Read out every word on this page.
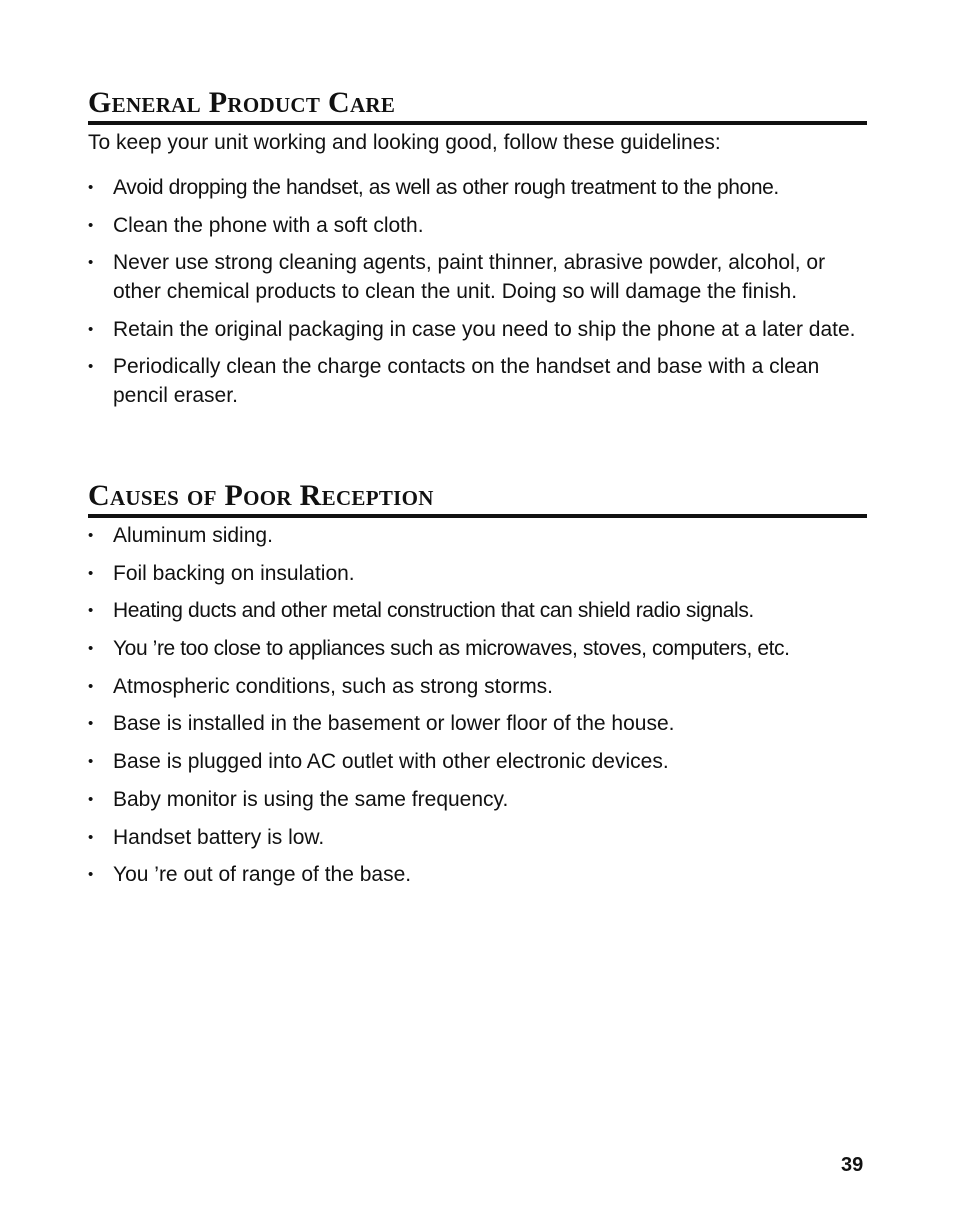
General Product Care

To keep your unit working and looking good, follow these guidelines:

• Avoid dropping the handset, as well as other rough treatment to the phone.
• Clean the phone with a soft cloth.
• Never use strong cleaning agents, paint thinner, abrasive powder, alcohol, or other chemical products to clean the unit. Doing so will damage the finish.
• Retain the original packaging in case you need to ship the phone at a later date.
• Periodically clean the charge contacts on the handset and base with a clean pencil eraser.
Causes of Poor Reception
• Aluminum siding.
• Foil backing on insulation.
• Heating ducts and other metal construction that can shield radio signals.
• You ’re too close to appliances such as microwaves, stoves, computers, etc.
• Atmospheric conditions, such as strong storms.
• Base is installed in the basement or lower floor of the house.
• Base is plugged into AC outlet with other electronic devices.
• Baby monitor is using the same frequency.
• Handset battery is low.
• You ’re out of range of the base.
39
